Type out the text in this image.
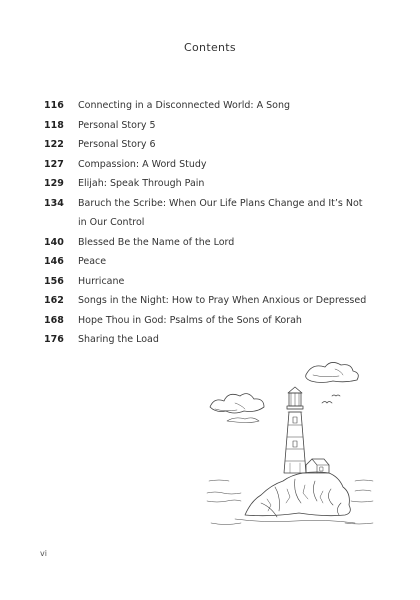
Contents
116	Connecting in a Disconnected World: A Song
118	Personal Story 5
122	Personal Story 6
127	Compassion: A Word Study
129	Elijah: Speak Through Pain
134	Baruch the Scribe: When Our Life Plans Change and It’s Not in Our Control
140	Blessed Be the Name of the Lord
146	Peace
156	Hurricane
162	Songs in the Night: How to Pray When Anxious or Depressed
168	Hope Thou in God: Psalms of the Sons of Korah
176	Sharing the Load
vi
